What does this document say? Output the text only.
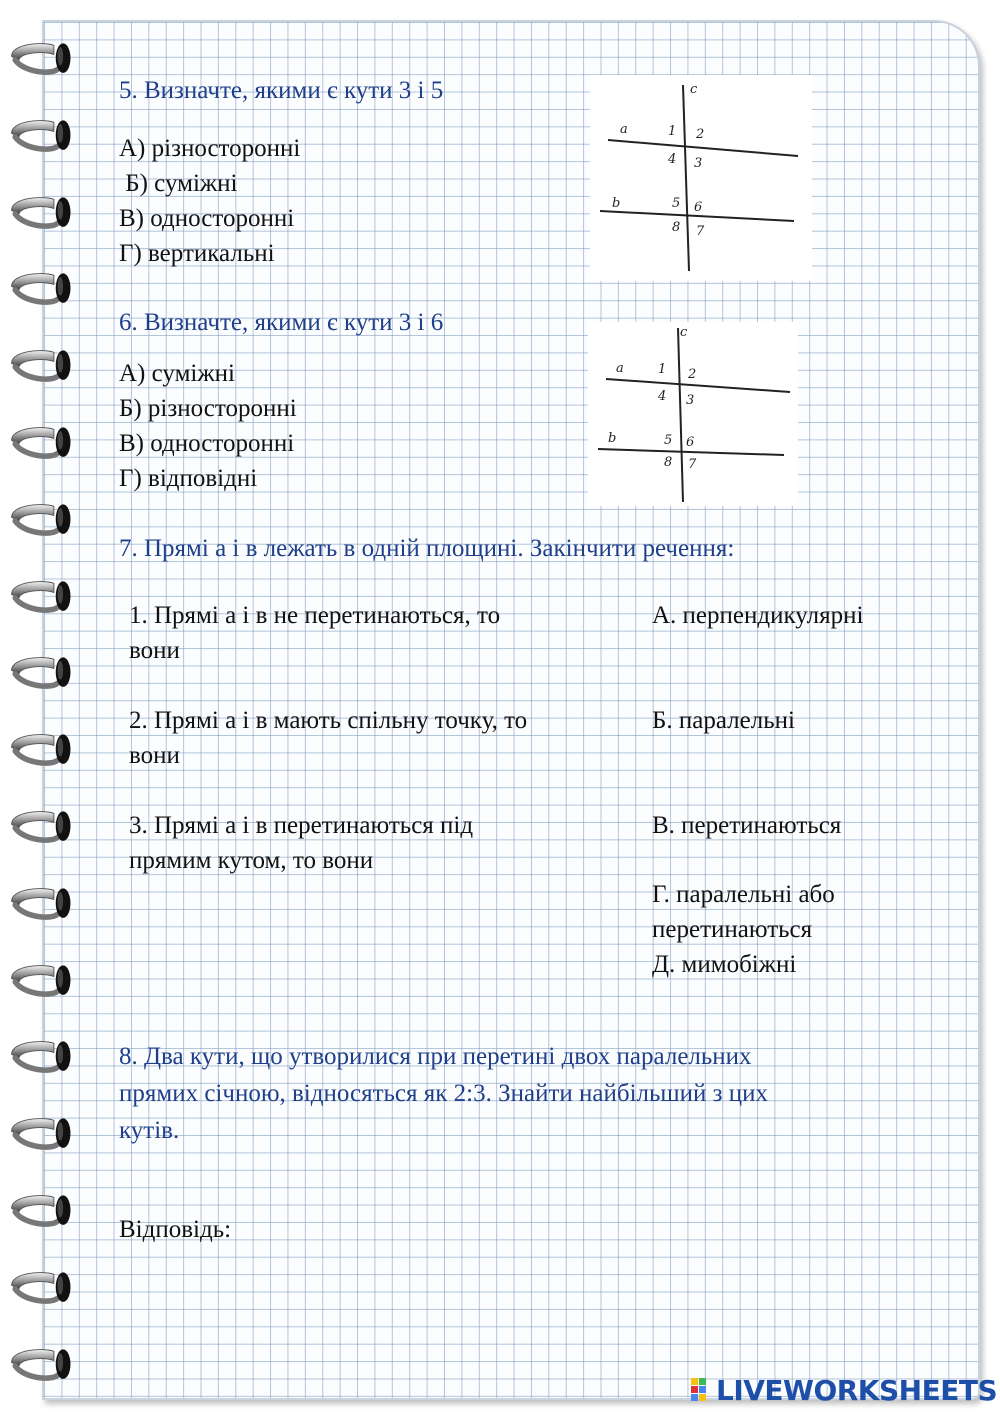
5. Визначте, якими є кути 3 і 5
А) різносторонні
Б) суміжні
В) односторонні
Г) вертикальні
c
a
b
1 2
3
4
5 6
7
8
6. Визначте, якими є кути 3 і 6
А) суміжні
Б) різносторонні
В) односторонні
Г) відповідні
c
a
b
1 2
3
4
5 6
7
8
7. Прямі а і в лежать в одній площині. Закінчити речення:
1. Прямі а і в не перетинаються, то
вони
2. Прямі а і в мають спільну точку, то
вони
3. Прямі а і в перетинаються під
прямим кутом, то вони
А. перпендикулярні
Б. паралельні
В. перетинаються
Г. паралельні або
перетинаються
Д. мимобіжні
8. Два кути, що утворилися при перетині двох паралельних
прямих січною, відносяться як 2:3. Знайти найбільший з цих
кутів.
Відповідь:
LIVEWORKSHEETS
